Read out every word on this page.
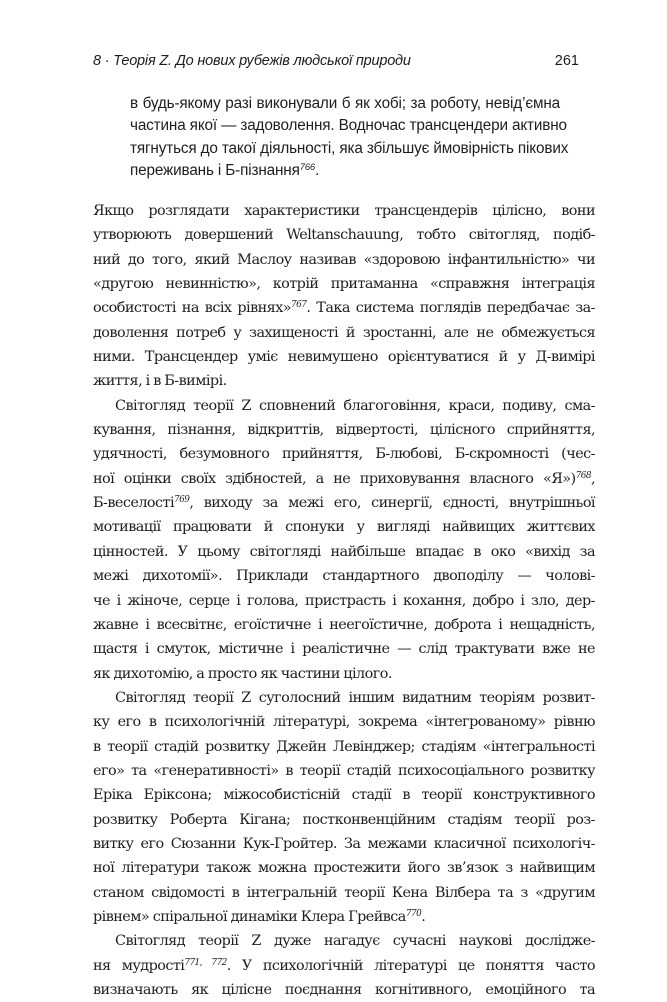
8 · Теорія Z. До нових рубежів людської природи	261
в будь-якому разі виконували б як хобі; за роботу, невід’ємна
частина якої — задоволення. Водночас трансцендери активно
тягнуться до такої діяльності, яка збільшує ймовірність пікових
переживань і Б-пізнання$^{766}$.
Якщо розглядати характеристики трансцендерів цілісно, вони
утворюють довершений Weltanschauung, тобто світогляд, подіб-
ний до того, який Маслоу називав «здоровою інфантильністю» чи
«другою невинністю», котрій притаманна «справжня інтеграція
особистості на всіх рівнях»$^{767}$. Така система поглядів передбачає за-
доволення потреб у захищеності й зростанні, але не обмежується
ними. Трансцендер уміє невимушено орієнтуватися й у Д-вимірі
життя, і в Б-вимірі.
Світогляд теорії Z сповнений благоговіння, краси, подиву, сма-
кування, пізнання, відкриттів, відвертості, цілісного сприйняття,
удячності, безумовного прийняття, Б-любові, Б-скромності (чес-
ної оцінки своїх здібностей, а не приховування власного «Я»)$^{768}$,
Б-веселості$^{769}$, виходу за межі его, синергії, єдності, внутрішньої
мотивації працювати й спонуки у вигляді найвищих життєвих
цінностей. У цьому світогляді найбільше впадає в око «вихід за
межі дихотомії». Приклади стандартного двоподілу — чолові-
че і жіноче, серце і голова, пристрасть і кохання, добро і зло, дер-
жавне і всесвітнє, егоїстичне і неегоїстичне, доброта і нещадність,
щастя і смуток, містичне і реалістичне — слід трактувати вже не
як дихотомію, а просто як частини цілого.
Світогляд теорії Z суголосний іншим видатним теоріям розвит-
ку его в психологічній літературі, зокрема «інтегрованому» рівню
в теорії стадій розвитку Джейн Левінджер; стадіям «інтегральності
его» та «генеративності» в теорії стадій психосоціального розвитку
Еріка Еріксона; міжособистісній стадії в теорії конструктивного
розвитку Роберта Кігана; постконвенційним стадіям теорії роз-
витку его Сюзанни Кук-Гройтер. За межами класичної психологіч-
ної літератури також можна простежити його зв’язок з найвищим
станом свідомості в інтегральній теорії Кена Вілбера та з «другим
рівнем» спіральної динаміки Клера Грейвса$^{770}$.
Світогляд теорії Z дуже нагадує сучасні наукові дослідже-
ня мудрості$^{771, 772}$. У психологічній літературі це поняття часто
визначають як цілісне поєднання когнітивного, емоційного та
